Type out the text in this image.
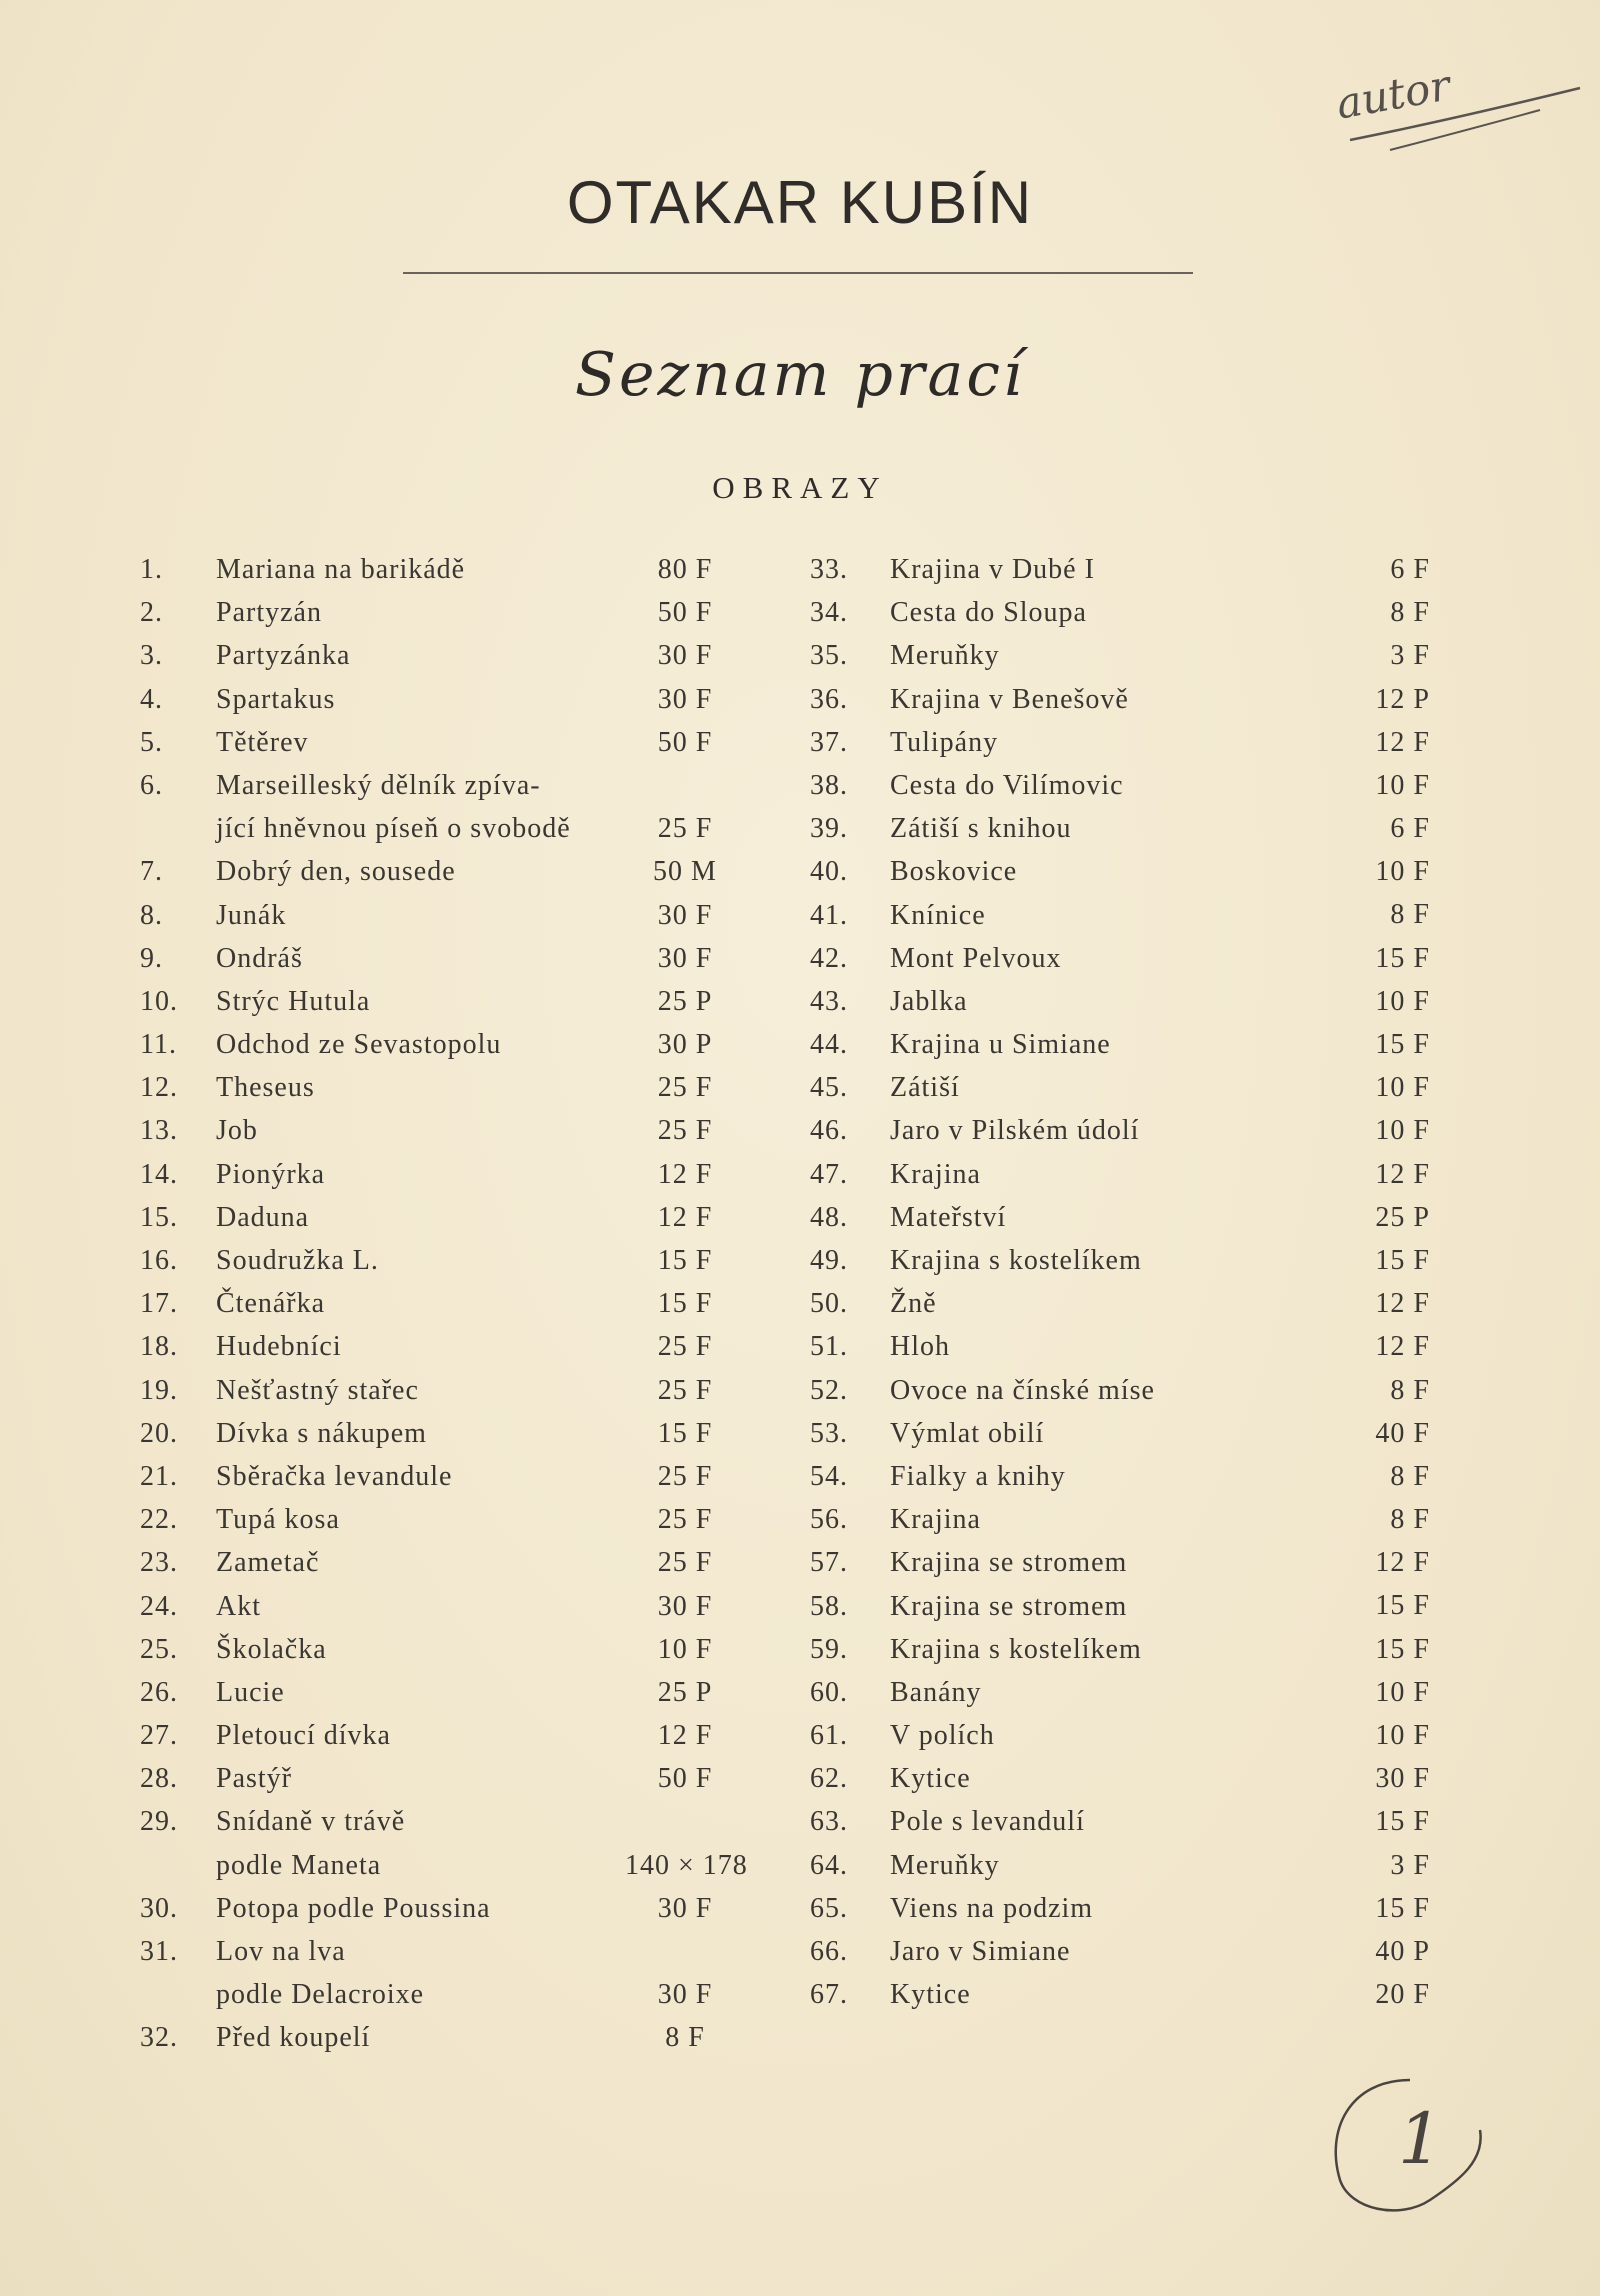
OTAKAR KUBÍN
Seznam prací
OBRAZY
autor
1.	Mariana na barikádě	80 F
2.	Partyzán	50 F
3.	Partyzánka	30 F
4.	Spartakus	30 F
5.	Tětěrev	50 F
6.	Marseilleský dělník zpíva-
jící hněvnou píseň o svobodě	25 F
7.	Dobrý den, sousede	50 M
8.	Junák	30 F
9.	Ondráš	30 F
10.	Strýc Hutula	25 P
11.	Odchod ze Sevastopolu	30 P
12.	Theseus	25 F
13.	Job	25 F
14.	Pionýrka	12 F
15.	Daduna	12 F
16.	Soudružka L.	15 F
17.	Čtenářka	15 F
18.	Hudebníci	25 F
19.	Nešťastný stařec	25 F
20.	Dívka s nákupem	15 F
21.	Sběračka levandule	25 F
22.	Tupá kosa	25 F
23.	Zametač	25 F
24.	Akt	30 F
25.	Školačka	10 F
26.	Lucie	25 P
27.	Pletoucí dívka	12 F
28.	Pastýř	50 F
29.	Snídaně v trávě
podle Maneta	140 × 178
30.	Potopa podle Poussina	30 F
31.	Lov na lva
podle Delacroixe	30 F
32.	Před koupelí	8 F
33.	Krajina v Dubé I	6 F
34.	Cesta do Sloupa	8 F
35.	Meruňky	3 F
36.	Krajina v Benešově	12 P
37.	Tulipány	12 F
38.	Cesta do Vilímovic	10 F
39.	Zátiší s knihou	6 F
40.	Boskovice	10 F
41.	Knínice	8 F
42.	Mont Pelvoux	15 F
43.	Jablka	10 F
44.	Krajina u Simiane	15 F
45.	Zátiší	10 F
46.	Jaro v Pilském údolí	10 F
47.	Krajina	12 F
48.	Mateřství	25 P
49.	Krajina s kostelíkem	15 F
50.	Žně	12 F
51.	Hloh	12 F
52.	Ovoce na čínské míse	8 F
53.	Výmlat obilí	40 F
54.	Fialky a knihy	8 F
56.	Krajina	8 F
57.	Krajina se stromem	12 F
58.	Krajina se stromem	15 F
59.	Krajina s kostelíkem	15 F
60.	Banány	10 F
61.	V polích	10 F
62.	Kytice	30 F
63.	Pole s levandulí	15 F
64.	Meruňky	3 F
65.	Viens na podzim	15 F
66.	Jaro v Simiane	40 P
67.	Kytice	20 F
1
